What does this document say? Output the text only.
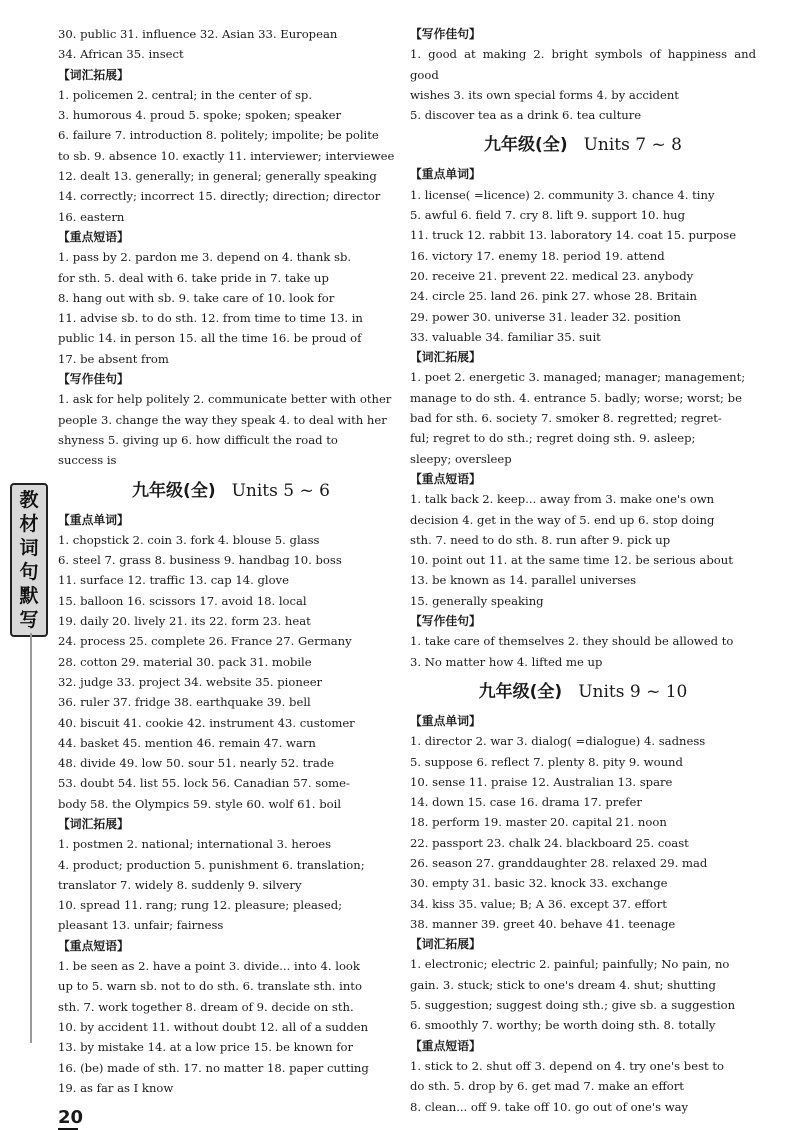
30. public 31. influence 32. Asian 33. European
34. African 35. insect
【词汇拓展】
1. policemen 2. central; in the center of sp.
3. humorous 4. proud 5. spoke; spoken; speaker
6. failure 7. introduction 8. politely; impolite; be polite
to sb. 9. absence 10. exactly 11. interviewer; interviewee
12. dealt 13. generally; in general; generally speaking
14. correctly; incorrect 15. directly; direction; director
16. eastern
【重点短语】
1. pass by 2. pardon me 3. depend on 4. thank sb.
for sth. 5. deal with 6. take pride in 7. take up
8. hang out with sb. 9. take care of 10. look for
11. advise sb. to do sth. 12. from time to time 13. in
public 14. in person 15. all the time 16. be proud of
17. be absent from
【写作佳句】
1. ask for help politely 2. communicate better with other
people 3. change the way they speak 4. to deal with her
shyness 5. giving up 6. how difficult the road to
success is
九年级(全) Units 5 ~ 6
【重点单词】
1. chopstick 2. coin 3. fork 4. blouse 5. glass
6. steel 7. grass 8. business 9. handbag 10. boss
11. surface 12. traffic 13. cap 14. glove
15. balloon 16. scissors 17. avoid 18. local
19. daily 20. lively 21. its 22. form 23. heat
24. process 25. complete 26. France 27. Germany
28. cotton 29. material 30. pack 31. mobile
32. judge 33. project 34. website 35. pioneer
36. ruler 37. fridge 38. earthquake 39. bell
40. biscuit 41. cookie 42. instrument 43. customer
44. basket 45. mention 46. remain 47. warn
48. divide 49. low 50. sour 51. nearly 52. trade
53. doubt 54. list 55. lock 56. Canadian 57. some-
body 58. the Olympics 59. style 60. wolf 61. boil
【词汇拓展】
1. postmen 2. national; international 3. heroes
4. product; production 5. punishment 6. translation;
translator 7. widely 8. suddenly 9. silvery
10. spread 11. rang; rung 12. pleasure; pleased;
pleasant 13. unfair; fairness
【重点短语】
1. be seen as 2. have a point 3. divide... into 4. look
up to 5. warn sb. not to do sth. 6. translate sth. into
sth. 7. work together 8. dream of 9. decide on sth.
10. by accident 11. without doubt 12. all of a sudden
13. by mistake 14. at a low price 15. be known for
16. (be) made of sth. 17. no matter 18. paper cutting
19. as far as I know
【写作佳句】
1. good at making 2. bright symbols of happiness and good
wishes 3. its own special forms 4. by accident
5. discover tea as a drink 6. tea culture
九年级(全) Units 7 ~ 8
【重点单词】
1. license( =licence) 2. community 3. chance 4. tiny
5. awful 6. field 7. cry 8. lift 9. support 10. hug
11. truck 12. rabbit 13. laboratory 14. coat 15. purpose
16. victory 17. enemy 18. period 19. attend
20. receive 21. prevent 22. medical 23. anybody
24. circle 25. land 26. pink 27. whose 28. Britain
29. power 30. universe 31. leader 32. position
33. valuable 34. familiar 35. suit
【词汇拓展】
1. poet 2. energetic 3. managed; manager; management;
manage to do sth. 4. entrance 5. badly; worse; worst; be
bad for sth. 6. society 7. smoker 8. regretted; regret-
ful; regret to do sth.; regret doing sth. 9. asleep;
sleepy; oversleep
【重点短语】
1. talk back 2. keep... away from 3. make one's own
decision 4. get in the way of 5. end up 6. stop doing
sth. 7. need to do sth. 8. run after 9. pick up
10. point out 11. at the same time 12. be serious about
13. be known as 14. parallel universes
15. generally speaking
【写作佳句】
1. take care of themselves 2. they should be allowed to
3. No matter how 4. lifted me up
九年级(全) Units 9 ~ 10
【重点单词】
1. director 2. war 3. dialog( =dialogue) 4. sadness
5. suppose 6. reflect 7. plenty 8. pity 9. wound
10. sense 11. praise 12. Australian 13. spare
14. down 15. case 16. drama 17. prefer
18. perform 19. master 20. capital 21. noon
22. passport 23. chalk 24. blackboard 25. coast
26. season 27. granddaughter 28. relaxed 29. mad
30. empty 31. basic 32. knock 33. exchange
34. kiss 35. value; B; A 36. except 37. effort
38. manner 39. greet 40. behave 41. teenage
【词汇拓展】
1. electronic; electric 2. painful; painfully; No pain, no
gain. 3. stuck; stick to one's dream 4. shut; shutting
5. suggestion; suggest doing sth.; give sb. a suggestion
6. smoothly 7. worthy; be worth doing sth. 8. totally
【重点短语】
1. stick to 2. shut off 3. depend on 4. try one's best to
do sth. 5. drop by 6. get mad 7. make an effort
8. clean... off 9. take off 10. go out of one's way
教
材
词
句
默
写
20
